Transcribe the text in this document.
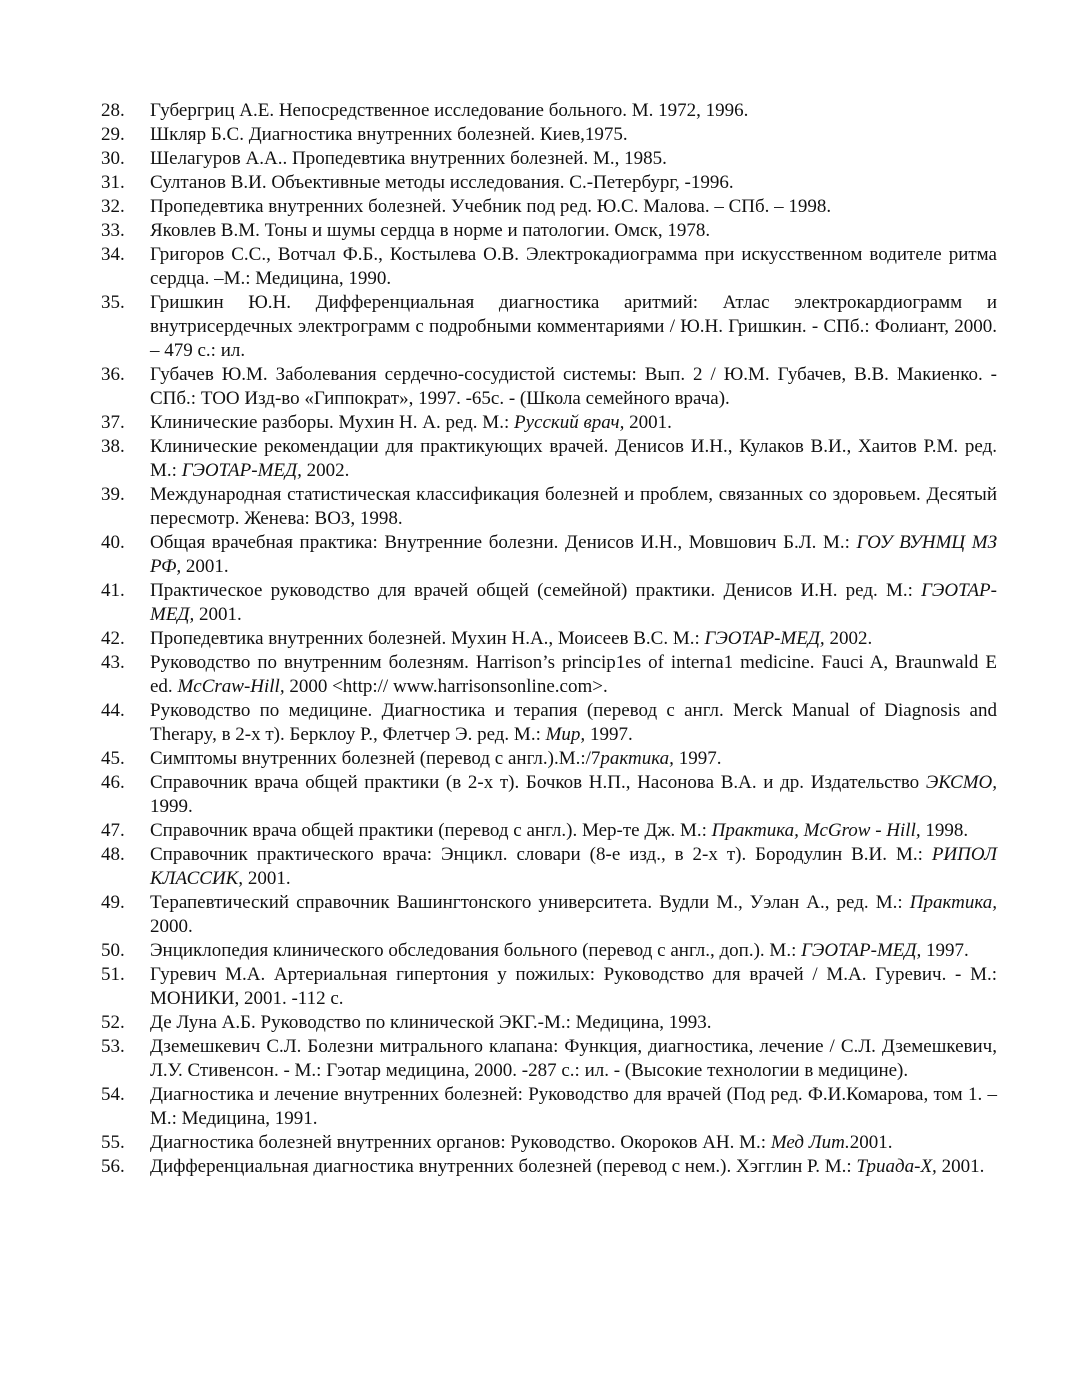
28.	Губергриц А.Е. Непосредственное исследование больного. М. 1972, 1996.
29.	Шкляр Б.С. Диагностика внутренних болезней. Киев,1975.
30.	Шелагуров А.А.. Пропедевтика внутренних болезней. М., 1985.
31.	Султанов В.И. Объективные методы исследования. С.-Петербург, -1996.
32.	Пропедевтика внутренних болезней. Учебник под ред. Ю.С. Малова. – СПб. – 1998.
33.	Яковлев В.М. Тоны и шумы сердца в норме и патологии. Омск, 1978.
34.	Григоров С.С., Вотчал Ф.Б., Костылева О.В. Электрокадиограмма при искусственном водителе ритма сердца. –М.: Медицина, 1990.
35.	Гришкин Ю.Н. Дифференциальная диагностика аритмий: Атлас электрокардиограмм и внутрисердечных электрограмм с подробными комментариями / Ю.Н. Гришкин. - СПб.: Фолиант, 2000. – 479 с.: ил.
36.	Губачев Ю.М. Заболевания сердечно-сосудистой системы: Вып. 2 / Ю.М. Губачев, В.В. Макиенко. - СПб.: ТОО Изд-во «Гиппократ», 1997. -65с. - (Школа семейного врача).
37.	Клинические разборы. Мухин Н. А. ред. М.: Русский врач, 2001.
38.	Клинические рекомендации для практикующих врачей. Денисов И.Н., Кулаков В.И., Хаитов Р.М. ред. М.: ГЭОТАР-МЕД, 2002.
39.	Международная статистическая классификация болезней и проблем, связанных со здоровьем. Десятый пересмотр. Женева: ВОЗ, 1998.
40.	Общая врачебная практика: Внутренние болезни. Денисов И.Н., Мовшович Б.Л. М.: ГОУ ВУНМЦ МЗ РФ, 2001.
41.	Практическое руководство для врачей общей (семейной) практики. Денисов И.Н. ред. М.: ГЭОТАР-МЕД, 2001.
42.	Пропедевтика внутренних болезней. Мухин Н.А., Моисеев В.С. М.: ГЭОТАР-МЕД, 2002.
43.	Руководство по внутренним болезням. Harrison’s princip1es of interna1 medicine. Fauci A, Braunwald E ed. McCraw-Hill, 2000 <http:// www.harrisonsonline.com>.
44.	Руководство по медицине. Диагностика и терапия (перевод с англ. Merck Manual of Diagnosis and Therapy, в 2-х т). Берклоу Р., Флетчер Э. ред. М.: Мир, 1997.
45.	Симптомы внутренних болезней (перевод с англ.).М.:/7рактика, 1997.
46.	Справочник врача общей практики (в 2-х т). Бочков Н.П., Насонова В.А. и др. Издательство ЭКСМО, 1999.
47.	Справочник врача общей практики (перевод с англ.). Мер-те Дж. М.: Практика, McGrow - Hill, 1998.
48.	Справочник практического врача: Энцикл. словари (8-е изд., в 2-х т). Бородулин В.И. М.: РИПОЛ КЛАССИК, 2001.
49.	Терапевтический справочник Вашингтонского университета. Вудли М., Уэлан А., ред. М.: Практика, 2000.
50.	Энциклопедия клинического обследования больного (перевод с англ., доп.). М.: ГЭОТАР-МЕД, 1997.
51.	Гуревич М.А. Артериальная гипертония у пожилых: Руководство для врачей / М.А. Гуревич. - М.: МОНИКИ, 2001. -112 с.
52.	Де Луна А.Б. Руководство по клинической ЭКГ.-М.: Медицина, 1993.
53.	Дземешкевич С.Л. Болезни митрального клапана: Функция, диагностика, лечение / С.Л. Дземешкевич, Л.У. Стивенсон. - М.: Гэотар медицина, 2000. -287 с.: ил. - (Высокие технологии в медицине).
54.	Диагностика и лечение внутренних болезней: Руководство для врачей (Под ред. Ф.И.Комарова, том 1. –М.: Медицина, 1991.
55.	Диагностика болезней внутренних органов: Руководство. Окороков АН. М.: Мед Лит.2001.
56.	Дифференциальная диагностика внутренних болезней (перевод с нем.). Хэгглин Р. М.: Триада-Х, 2001.
